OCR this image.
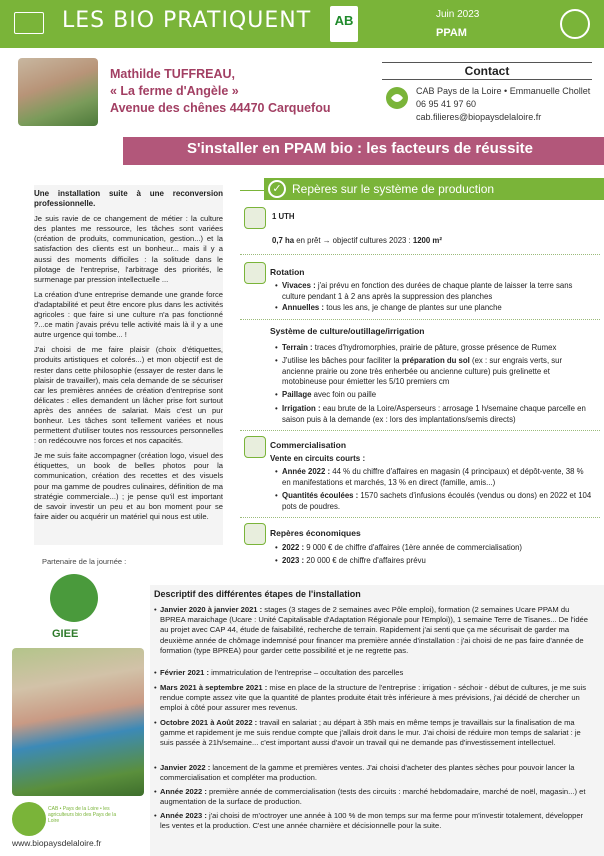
LES BIO PRATIQUENT	AB	Juin 2023
PPAM
Mathilde TUFFREAU,
« La ferme d'Angèle »
Avenue des chênes 44470 Carquefou
Contact
CAB Pays de la Loire • Emmanuelle Chollet
06 95 41 97 60
cab.filieres@biopaysdelaloire.fr
S'installer en PPAM bio : les facteurs de réussite

Une installation suite à une reconversion professionnelle.

Je suis ravie de ce changement de métier : la culture des plantes me ressource, les tâches sont variées (création de produits, communication, gestion...) et la satisfaction des clients est un bonheur... mais il y a aussi des moments difficiles : la solitude dans le pilotage de l'entreprise, l'arbitrage des priorités, le surmenage par pression intellectuelle ...

La création d'une entreprise demande une grande force d'adaptabilité et peut être encore plus dans les activités agricoles : que faire si une culture n'a pas fonctionné ?...ce matin j'avais prévu telle activité mais là il y a une autre urgence qui tombe... !

J'ai choisi de me faire plaisir (choix d'étiquettes, produits artistiques et colorés...) et mon objectif est de rester dans cette philosophie (essayer de rester dans le plaisir de travailler), mais cela demande de se sécuriser car les premières années de création d'entreprise sont délicates : elles demandent un lâcher prise fort surtout après des années de salariat. Mais c'est un pur bonheur. Les tâches sont tellement variées et nous permettent d'utiliser toutes nos ressources personnelles : on redécouvre nos forces et nos capacités.

Je me suis faite accompagner (création logo, visuel des étiquettes, un book de belles photos pour la communication, création des recettes et des visuels pour ma gamme de poudres culinaires, définition de ma stratégie commerciale...) ; je pense qu'il est important de savoir investir un peu et au bon moment pour se faire aider ou acquérir un matériel qui nous est utile.

Partenaire de la journée :
GIEE
CAB • Pays de la Loire • les agriculteurs bio des Pays de la Loire
www.biopaysdelaloire.fr
✓ Repères sur le système de production
1 UTH
0,7 ha en prêt → objectif cultures 2023 : 1200 m²
Rotation
• Vivaces : j'ai prévu en fonction des durées de chaque plante de laisser la terre sans culture pendant 1 à 2 ans après la suppression des planches
• Annuelles : tous les ans, je change de plantes sur une planche
Système de culture/outillage/irrigation
• Terrain : traces d'hydromorphies, prairie de pâture, grosse présence de Rumex
• J'utilise les bâches pour faciliter la préparation du sol (ex : sur engrais verts, sur ancienne prairie ou zone très enherbée ou ancienne culture) puis grelinette et motobineuse pour émietter les 5/10 premiers cm
• Paillage avec foin ou paille
• Irrigation : eau brute de la Loire/Asperseurs : arrosage 1 h/semaine chaque parcelle en saison puis à la demande (ex : lors des implantations/semis directs)
Commercialisation
Vente en circuits courts :
• Année 2022 : 44 % du chiffre d'affaires en magasin (4 principaux) et dépôt-vente, 38 % en manifestations et marchés, 13 % en direct (famille, amis...)
• Quantités écoulées : 1570 sachets d'infusions écoulés (vendus ou dons) en 2022 et 104 pots de poudres.
Repères économiques
• 2022 : 9 000 € de chiffre d'affaires (1ère année de commercialisation)
• 2023 : 20 000 € de chiffre d'affaires prévu
Descriptif des différentes étapes de l'installation
• Janvier 2020 à janvier 2021 : stages (3 stages de 2 semaines avec Pôle emploi), formation (2 semaines Ucare PPAM du BPREA maraichage (Ucare : Unité Capitalisable d'Adaptation Régionale pour l'Emploi)), 1 semaine Terre de Tisanes... De l'idée au projet avec CAP 44, étude de faisabilité, recherche de terrain. Rapidement j'ai senti que ça me sécurisait de garder ma deuxième année de chômage indemnisé pour financer ma première année d'installation : j'ai choisi de ne pas faire d'année de formation (type BPREA) pour garder cette possibilité et je ne regrette pas.
• Février 2021 : immatriculation de l'entreprise – occultation des parcelles
• Mars 2021 à septembre 2021 : mise en place de la structure de l'entreprise : irrigation - séchoir - début de cultures, je me suis rendue compte assez vite que la quantité de plantes produite était très inférieure à mes prévisions, j'ai décidé de chercher un emploi à côté pour assurer mes revenus.
• Octobre 2021 à Août 2022 : travail en salariat ; au départ à 35h mais en même temps je travaillais sur la finalisation de ma gamme et rapidement je me suis rendue compte que j'allais droit dans le mur. J'ai choisi de réduire mon temps de salariat : je suis passée à 21h/semaine... c'est important aussi d'avoir un travail qui ne demande pas d'investissement intellectuel.
• Janvier 2022 : lancement de la gamme et premières ventes. J'ai choisi d'acheter des plantes sèches pour pouvoir lancer la commercialisation et compléter ma production.
• Année 2022 : première année de commercialisation (tests des circuits : marché hebdomadaire, marché de noël, magasin...) et augmentation de la surface de production.
• Année 2023 : j'ai choisi de m'octroyer une année à 100 % de mon temps sur ma ferme pour m'investir totalement, développer les ventes et la production. C'est une année charnière et décisionnelle pour la suite.
